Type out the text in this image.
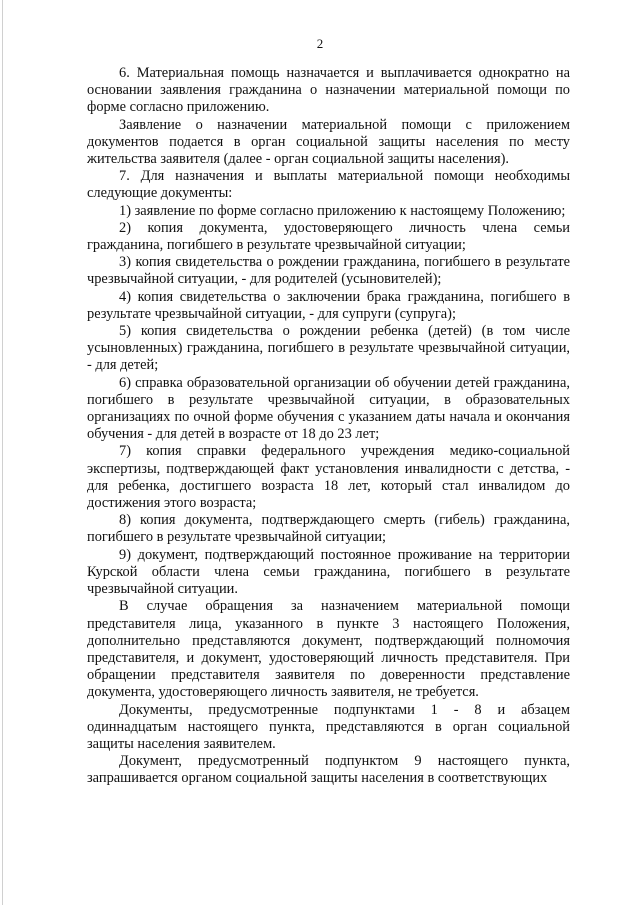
2

6. Материальная помощь назначается и выплачивается однократно на основании заявления гражданина о назначении материальной помощи по форме согласно приложению.

Заявление о назначении материальной помощи с приложением документов подается в орган социальной защиты населения по месту жительства заявителя (далее - орган социальной защиты населения).

7. Для назначения и выплаты материальной помощи необходимы следующие документы:

1) заявление по форме согласно приложению к настоящему Положению;

2) копия документа, удостоверяющего личность члена семьи гражданина, погибшего в результате чрезвычайной ситуации;

3) копия свидетельства о рождении гражданина, погибшего в результате чрезвычайной ситуации, - для родителей (усыновителей);

4) копия свидетельства о заключении брака гражданина, погибшего в результате чрезвычайной ситуации, - для супруги (супруга);

5) копия свидетельства о рождении ребенка (детей) (в том числе усыновленных) гражданина, погибшего в результате чрезвычайной ситуации, - для детей;

6) справка образовательной организации об обучении детей гражданина, погибшего в результате чрезвычайной ситуации, в образовательных организациях по очной форме обучения с указанием даты начала и окончания обучения - для детей в возрасте от 18 до 23 лет;

7) копия справки федерального учреждения медико-социальной экспертизы, подтверждающей факт установления инвалидности с детства, - для ребенка, достигшего возраста 18 лет, который стал инвалидом до достижения этого возраста;

8) копия документа, подтверждающего смерть (гибель) гражданина, погибшего в результате чрезвычайной ситуации;

9) документ, подтверждающий постоянное проживание на территории Курской области члена семьи гражданина, погибшего в результате чрезвычайной ситуации.

В случае обращения за назначением материальной помощи представителя лица, указанного в пункте 3 настоящего Положения, дополнительно представляются документ, подтверждающий полномочия представителя, и документ, удостоверяющий личность представителя. При обращении представителя заявителя по доверенности представление документа, удостоверяющего личность заявителя, не требуется.

Документы, предусмотренные подпунктами 1 - 8 и абзацем одиннадцатым настоящего пункта, представляются в орган социальной защиты населения заявителем.

Документ, предусмотренный подпунктом 9 настоящего пункта, запрашивается органом социальной защиты населения в соответствующих
